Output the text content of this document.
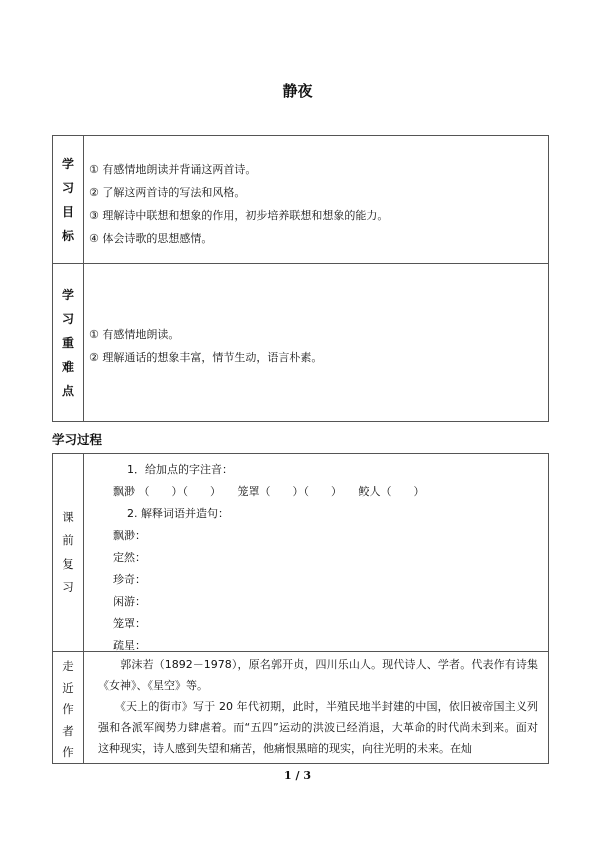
静夜
学
习
目
标
① 有感情地朗读并背诵这两首诗。
② 了解这两首诗的写法和风格。
③ 理解诗中联想和想象的作用，初步培养联想和想象的能力。
④ 体会诗歌的思想感情。
学
习
重
难
点
① 有感情地朗读。
② 理解通话的想象丰富，情节生动，语言朴素。
学习过程
课
前
复
习
1．给加点的字注音：
飘渺 （　　）（　　）　　笼罩（　　）（　　）　　鲛人（　　）
2. 解释词语并造句：
飘渺：
定然：
珍奇：
闲游：
笼罩：
疏星：
走
近
作
者
作
　　郭沫若（1892－1978），原名郭开贞，四川乐山人。现代诗人、学者。代表作有诗集《女神》、《星空》等。
　　《天上的街市》写于 20 年代初期，此时，半殖民地半封建的中国，依旧被帝国主义列强和各派军阀势力肆虐着。而“五四”运动的洪波已经消退，大革命的时代尚未到来。面对这种现实，诗人感到失望和痛苦，他痛恨黑暗的现实，向往光明的未来。在灿
1 / 3
